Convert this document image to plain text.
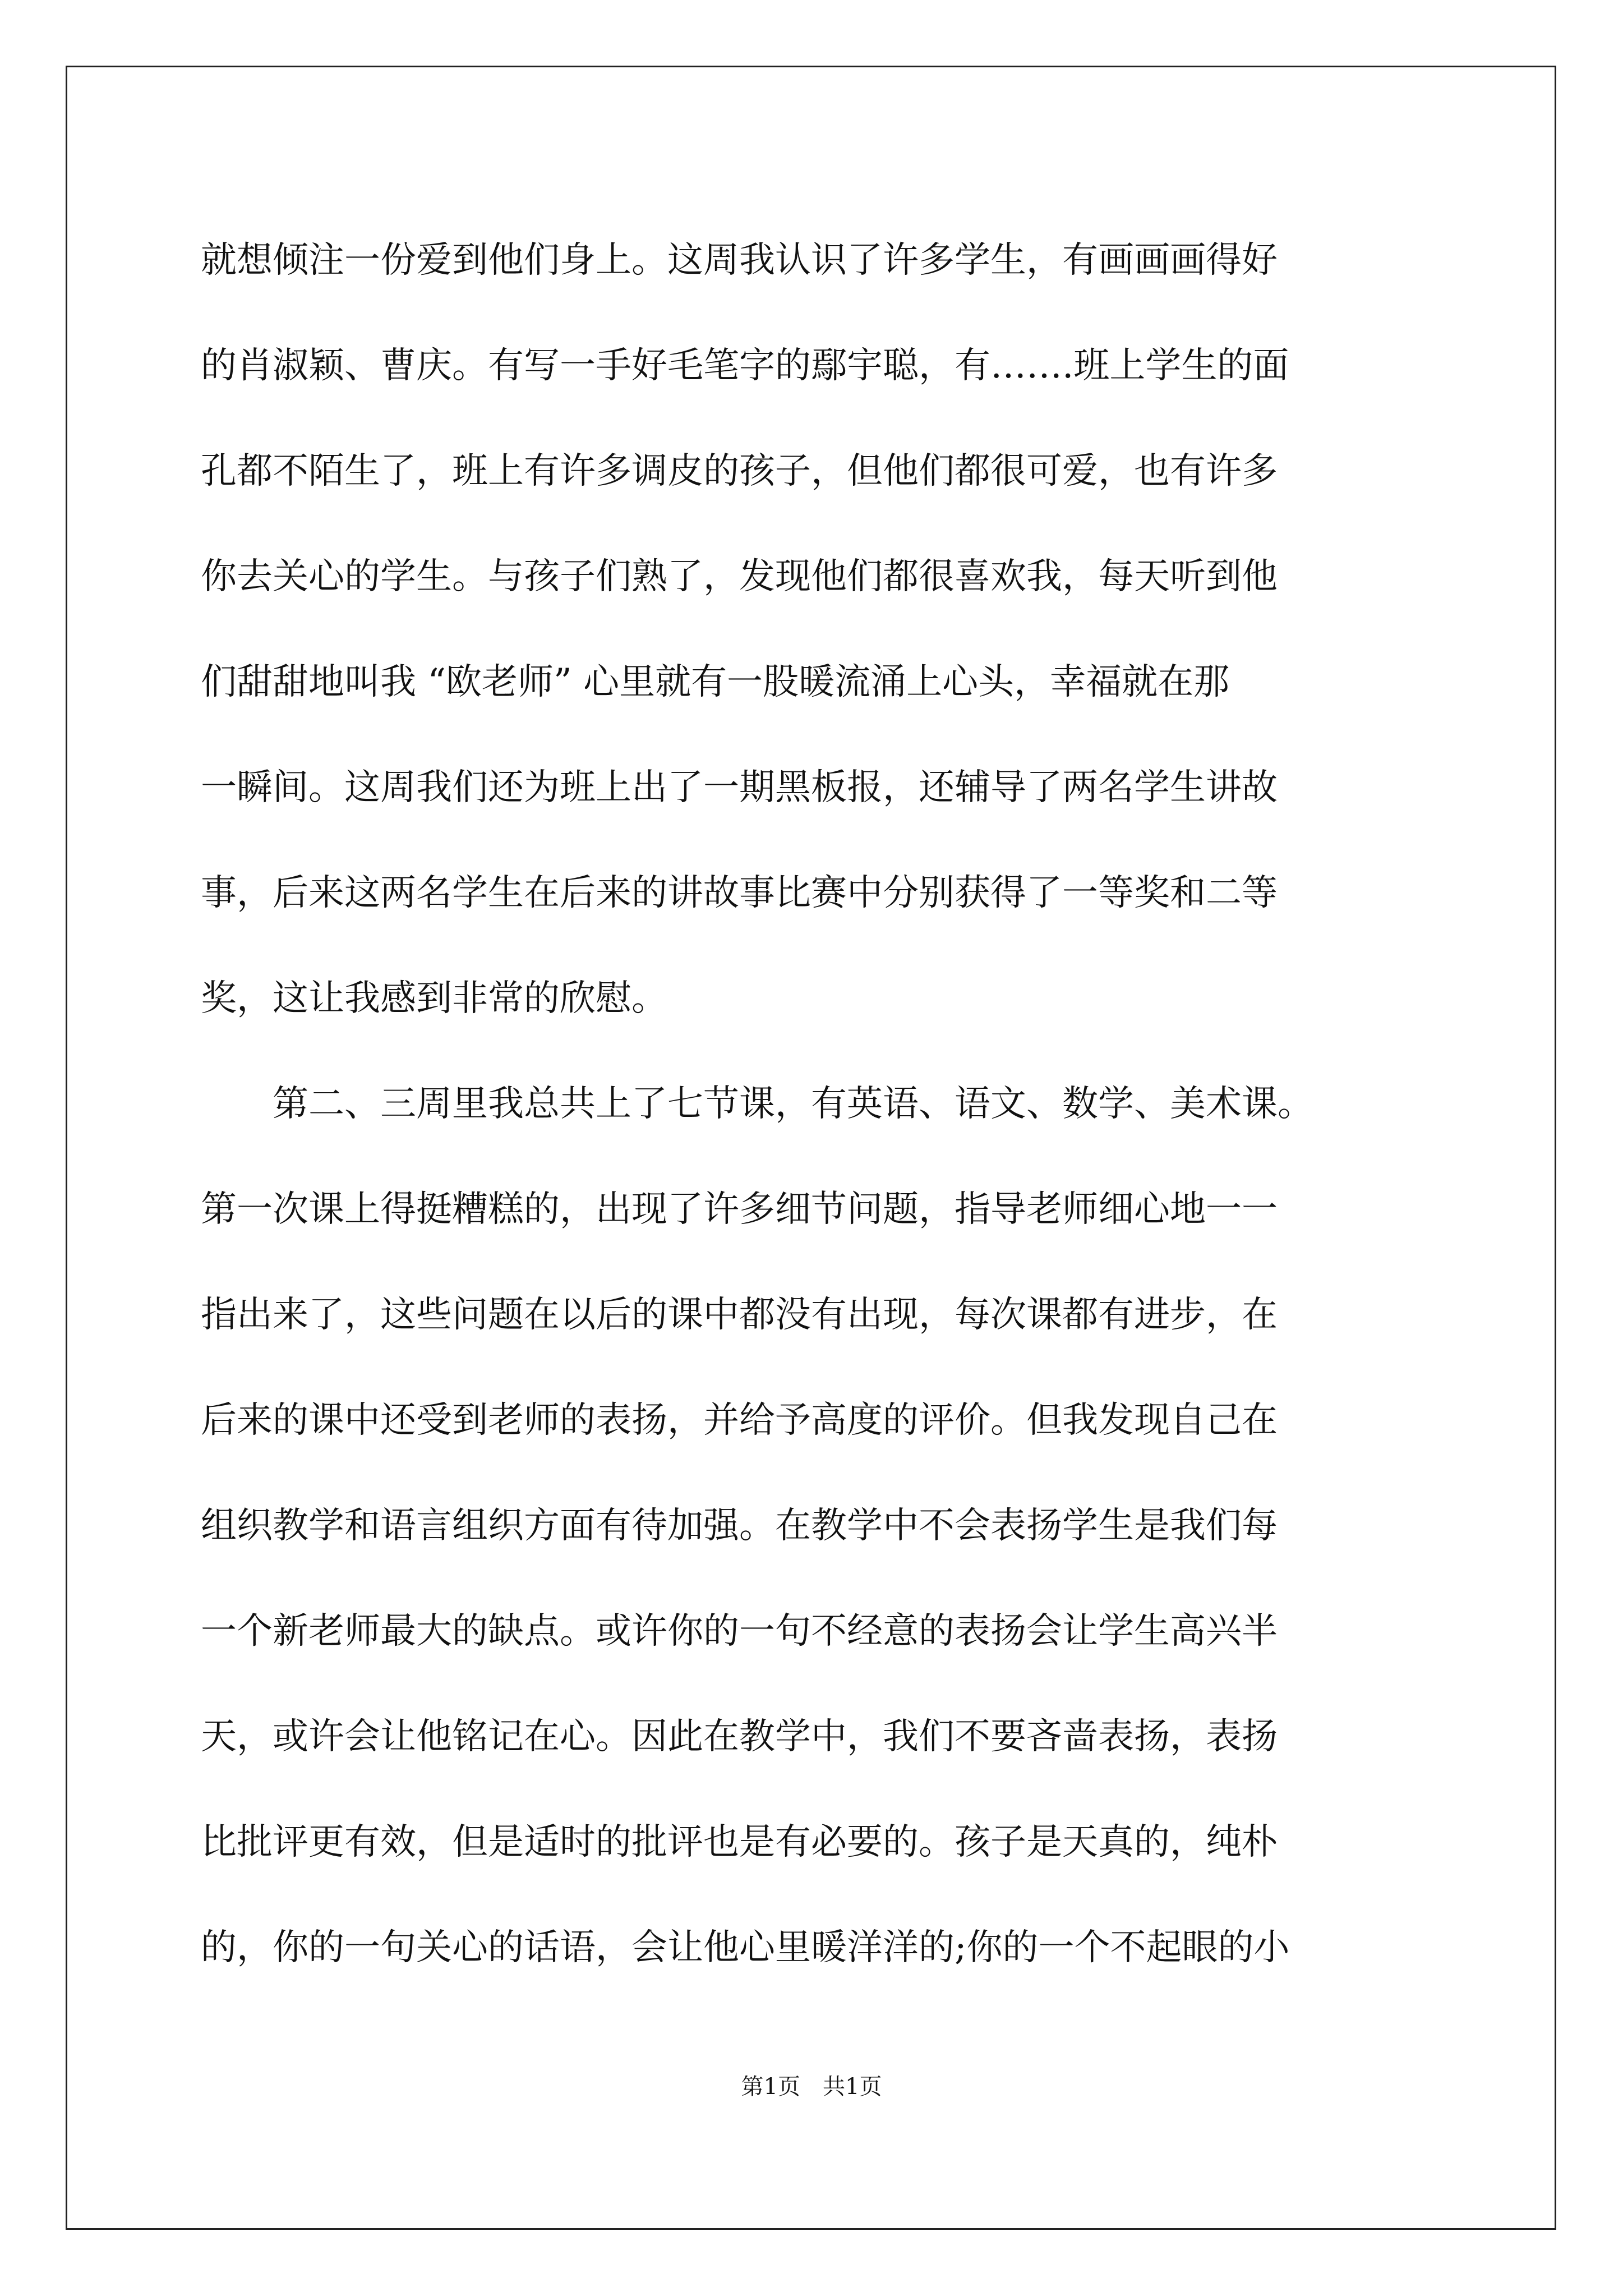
就想倾注一份爱到他们身上。这周我认识了许多学生，有画画画得好
的肖淑颖、曹庆。有写一手好毛笔字的鄢宇聪，有…….班上学生的面
孔都不陌生了，班上有许多调皮的孩子，但他们都很可爱，也有许多
你去关心的学生。与孩子们熟了，发现他们都很喜欢我，每天听到他
们甜甜地叫我 “欧老师” 心里就有一股暖流涌上心头，幸福就在那
一瞬间。这周我们还为班上出了一期黑板报，还辅导了两名学生讲故
事，后来这两名学生在后来的讲故事比赛中分别获得了一等奖和二等
奖，这让我感到非常的欣慰。
　　第二、三周里我总共上了七节课，有英语、语文、数学、美术课。
第一次课上得挺糟糕的，出现了许多细节问题，指导老师细心地一一
指出来了，这些问题在以后的课中都没有出现，每次课都有进步，在
后来的课中还受到老师的表扬，并给予高度的评价。但我发现自己在
组织教学和语言组织方面有待加强。在教学中不会表扬学生是我们每
一个新老师最大的缺点。或许你的一句不经意的表扬会让学生高兴半
天，或许会让他铭记在心。因此在教学中，我们不要吝啬表扬，表扬
比批评更有效，但是适时的批评也是有必要的。孩子是天真的，纯朴
的，你的一句关心的话语，会让他心里暖洋洋的;你的一个不起眼的小
第1页　共1页
